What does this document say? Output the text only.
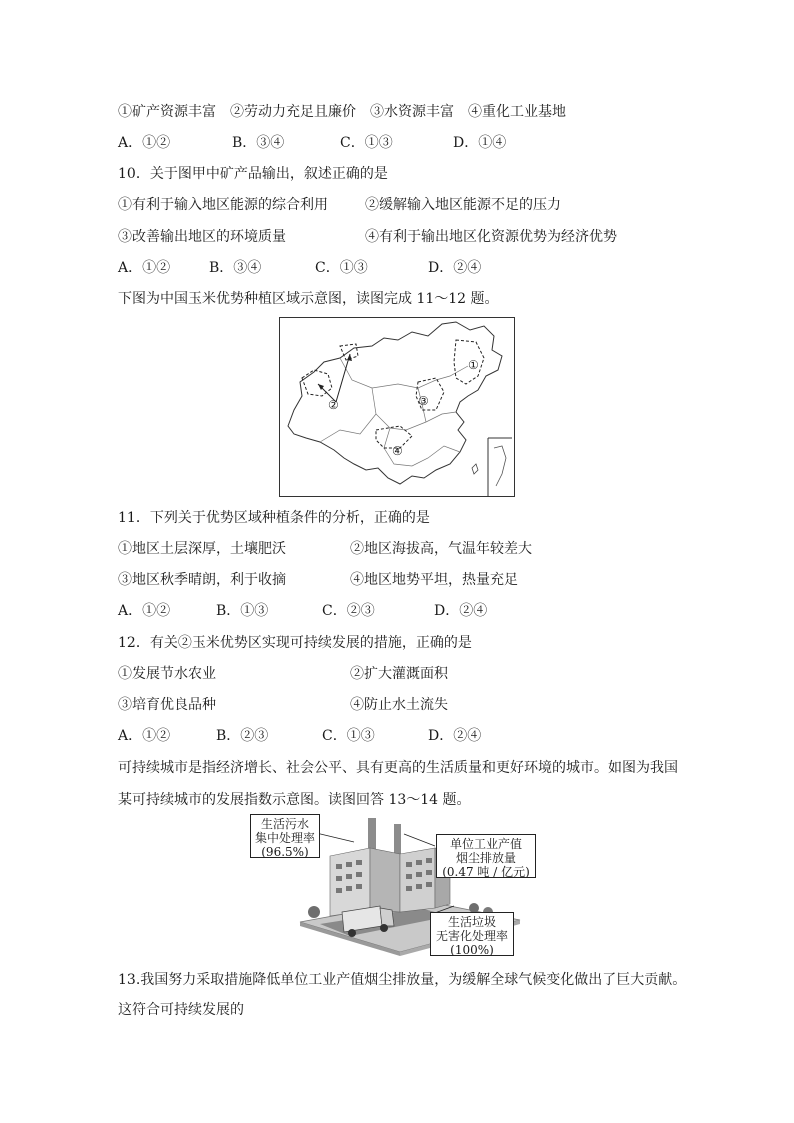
①矿产资源丰富　②劳动力充足且廉价　③水资源丰富　④重化工业基地
A．①②	B．③④	C．①③	D．①④
10．关于图甲中矿产品输出，叙述正确的是
①有利于输入地区能源的综合利用	②缓解输入地区能源不足的压力
③改善输出地区的环境质量	④有利于输出地区化资源优势为经济优势
A．①②	B．③④	C．①③	D．②④
下图为中国玉米优势种植区域示意图，读图完成 11～12 题。
①
②	③
④
11．下列关于优势区域种植条件的分析，正确的是
①地区土层深厚，土壤肥沃	②地区海拔高，气温年较差大
③地区秋季晴朗，利于收摘	④地区地势平坦，热量充足
A．①②	B．①③	C．②③	D．②④
12．有关②玉米优势区实现可持续发展的措施，正确的是
①发展节水农业	②扩大灌溉面积
③培育优良品种	④防止水土流失
A．①②	B．②③	C．①③	D．②④
可持续城市是指经济增长、社会公平、具有更高的生活质量和更好环境的城市。如图为我国
某可持续城市的发展指数示意图。读图回答 13～14 题。
生活污水
集中处理率
(96.5%)
单位工业产值
烟尘排放量
(0.47 吨 / 亿元)
生活垃圾
无害化处理率
(100%)
13.我国努力采取措施降低单位工业产值烟尘排放量，为缓解全球气候变化做出了巨大贡献。
这符合可持续发展的
